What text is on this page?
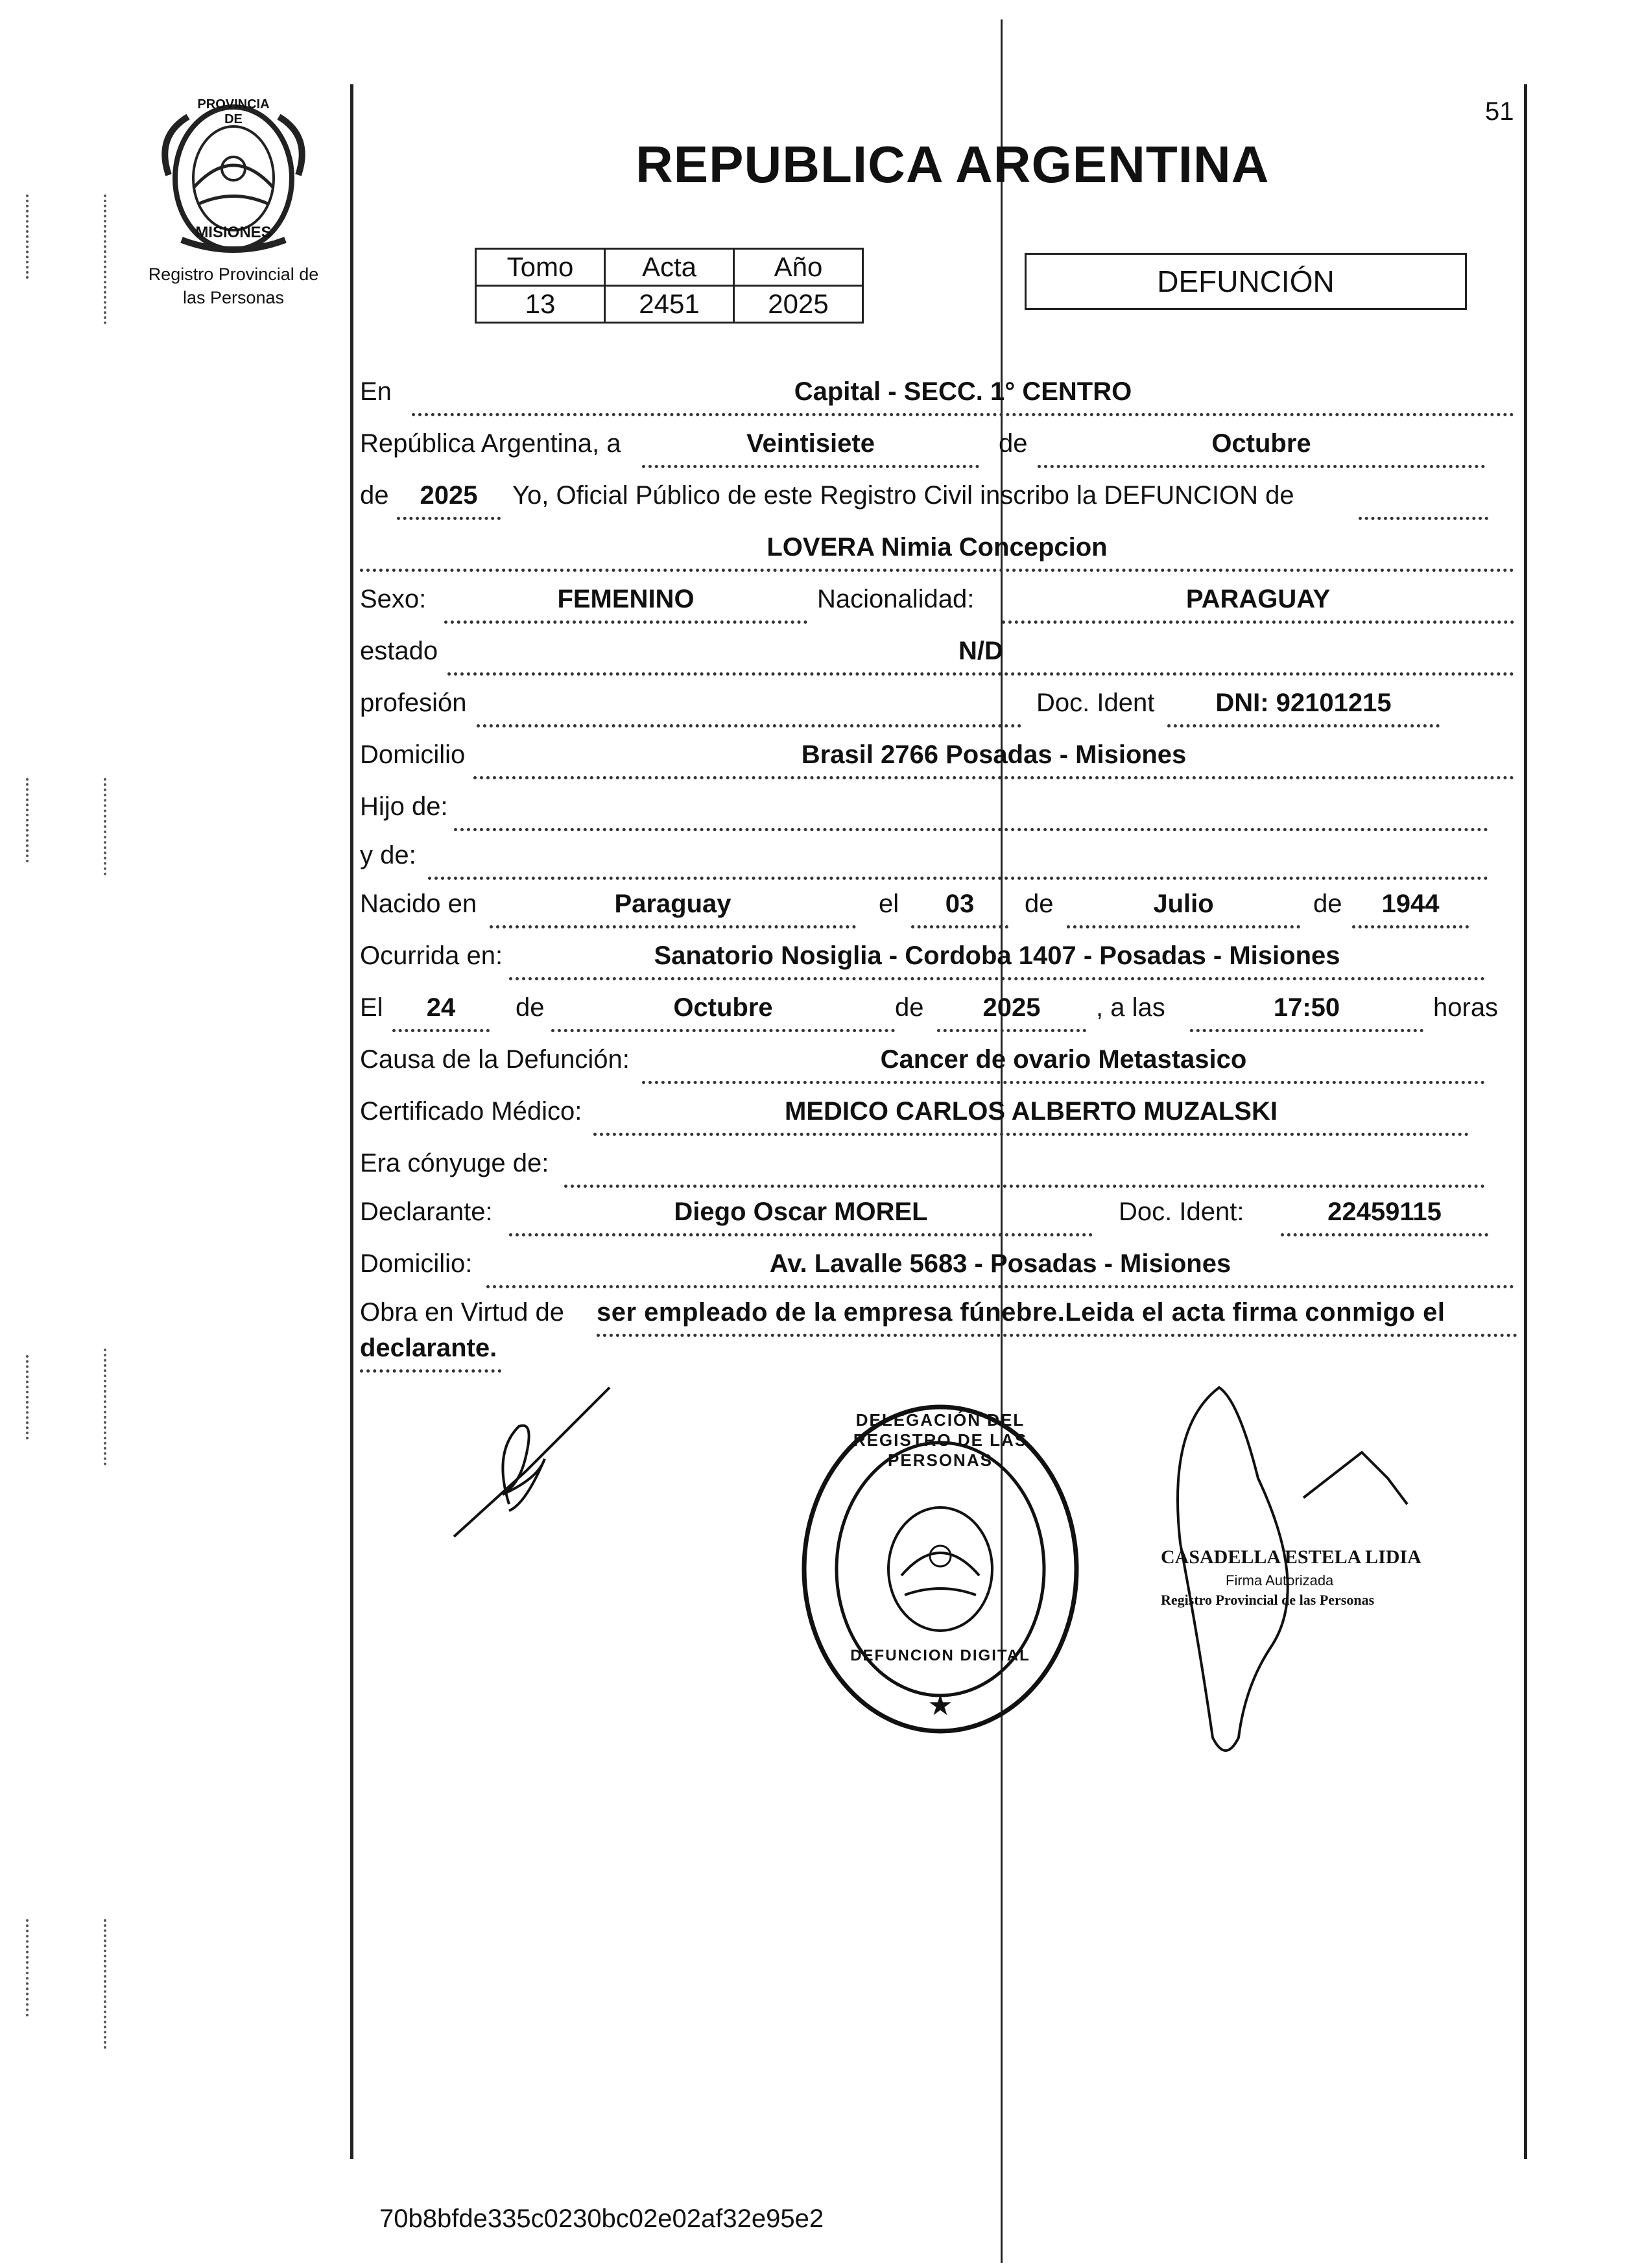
51
PROVINCIA DE
MISIONES
Registro Provincial de
las Personas
REPUBLICA ARGENTINA
Tomo	Acta	Año
13	2451	2025
DEFUNCIÓN
En	Capital - SECC. 1° CENTRO
República Argentina, a	Veintisiete	de	Octubre
de	2025	Yo, Oficial Público de este Registro Civil inscribo la DEFUNCION de
LOVERA Nimia Concepcion
Sexo:	FEMENINO	Nacionalidad:	PARAGUAY
estado	N/D
profesión	Doc. Ident	DNI: 92101215
Domicilio	Brasil 2766 Posadas - Misiones
Hijo de:
y de:
Nacido en	Paraguay	el	03	de	Julio	de	1944
Ocurrida en:	Sanatorio Nosiglia - Cordoba 1407 - Posadas - Misiones
El	24	de	Octubre	de	2025	, a las	17:50	horas
Causa de la Defunción:	Cancer de ovario Metastasico
Certificado Médico:	MEDICO CARLOS ALBERTO MUZALSKI
Era cónyuge de:
Declarante:	Diego Oscar MOREL	Doc. Ident:	22459115
Domicilio:	Av. Lavalle 5683 - Posadas - Misiones
Obra en Virtud de ser empleado de la empresa fúnebre.Leida el acta firma conmigo el
declarante.
★
DELEGACIÓN DEL REGISTRO DE LAS PERSONAS
DEFUNCION DIGITAL
CASADELLA ESTELA LIDIA
Firma Autorizada
Registro Provincial de las Personas
70b8bfde335c0230bc02e02af32e95e2
